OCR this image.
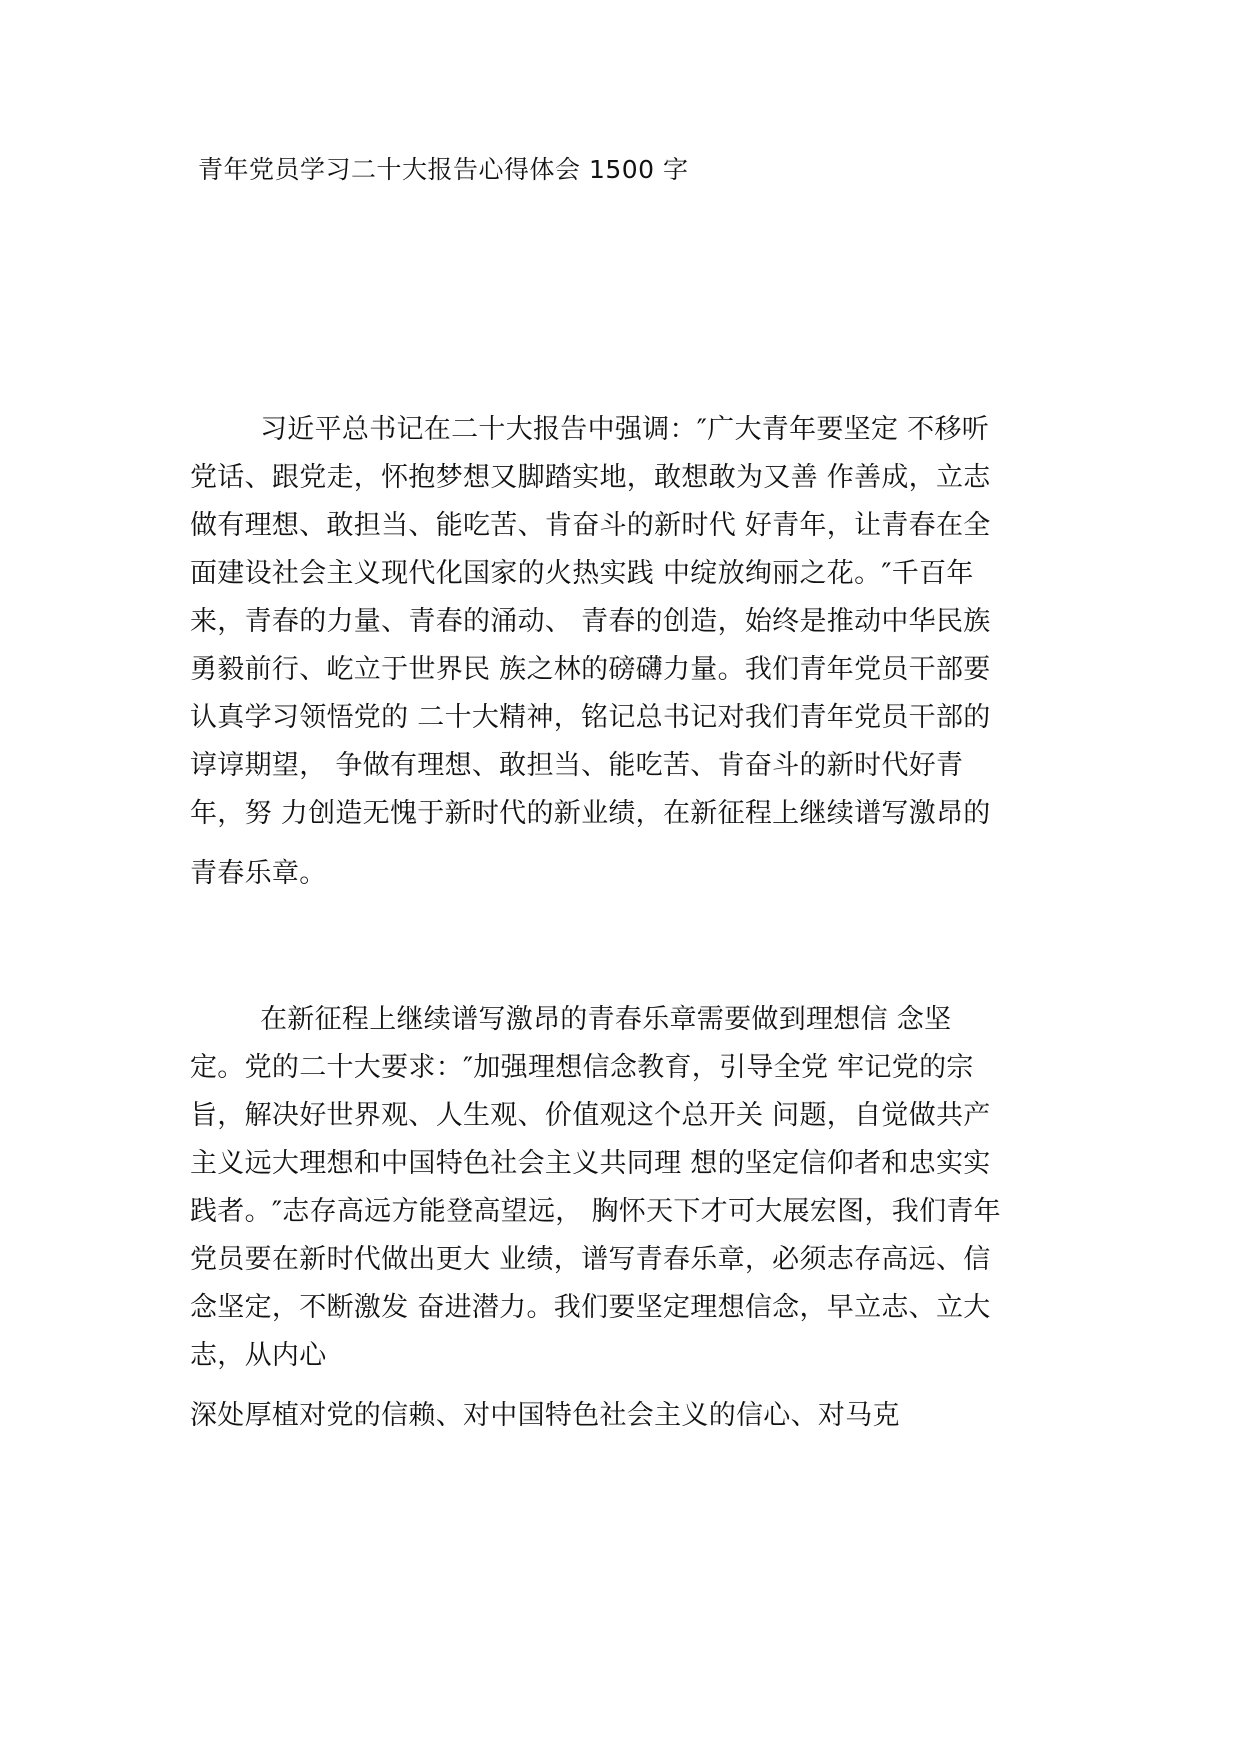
青年党员学习二十大报告心得体会 1500 字
习近平总书记在二十大报告中强调：″广大青年要坚定 不移听
党话、跟党走，怀抱梦想又脚踏实地，敢想敢为又善 作善成，立志
做有理想、敢担当、能吃苦、肯奋斗的新时代 好青年，让青春在全
面建设社会主义现代化国家的火热实践 中绽放绚丽之花。″千百年
来，青春的力量、青春的涌动、 青春的创造，始终是推动中华民族
勇毅前行、屹立于世界民 族之林的磅礴力量。我们青年党员干部要
认真学习领悟党的 二十大精神，铭记总书记对我们青年党员干部的
谆谆期望， 争做有理想、敢担当、能吃苦、肯奋斗的新时代好青
年，努 力创造无愧于新时代的新业绩，在新征程上继续谱写激昂的
青春乐章。
在新征程上继续谱写激昂的青春乐章需要做到理想信 念坚
定。党的二十大要求：″加强理想信念教育，引导全党 牢记党的宗
旨，解决好世界观、人生观、价值观这个总开关 问题，自觉做共产
主义远大理想和中国特色社会主义共同理 想的坚定信仰者和忠实实
践者。″志存高远方能登高望远， 胸怀天下才可大展宏图，我们青年
党员要在新时代做出更大 业绩，谱写青春乐章，必须志存高远、信
念坚定，不断激发 奋进潜力。我们要坚定理想信念，早立志、立大
志，从内心
深处厚植对党的信赖、对中国特色社会主义的信心、对马克
